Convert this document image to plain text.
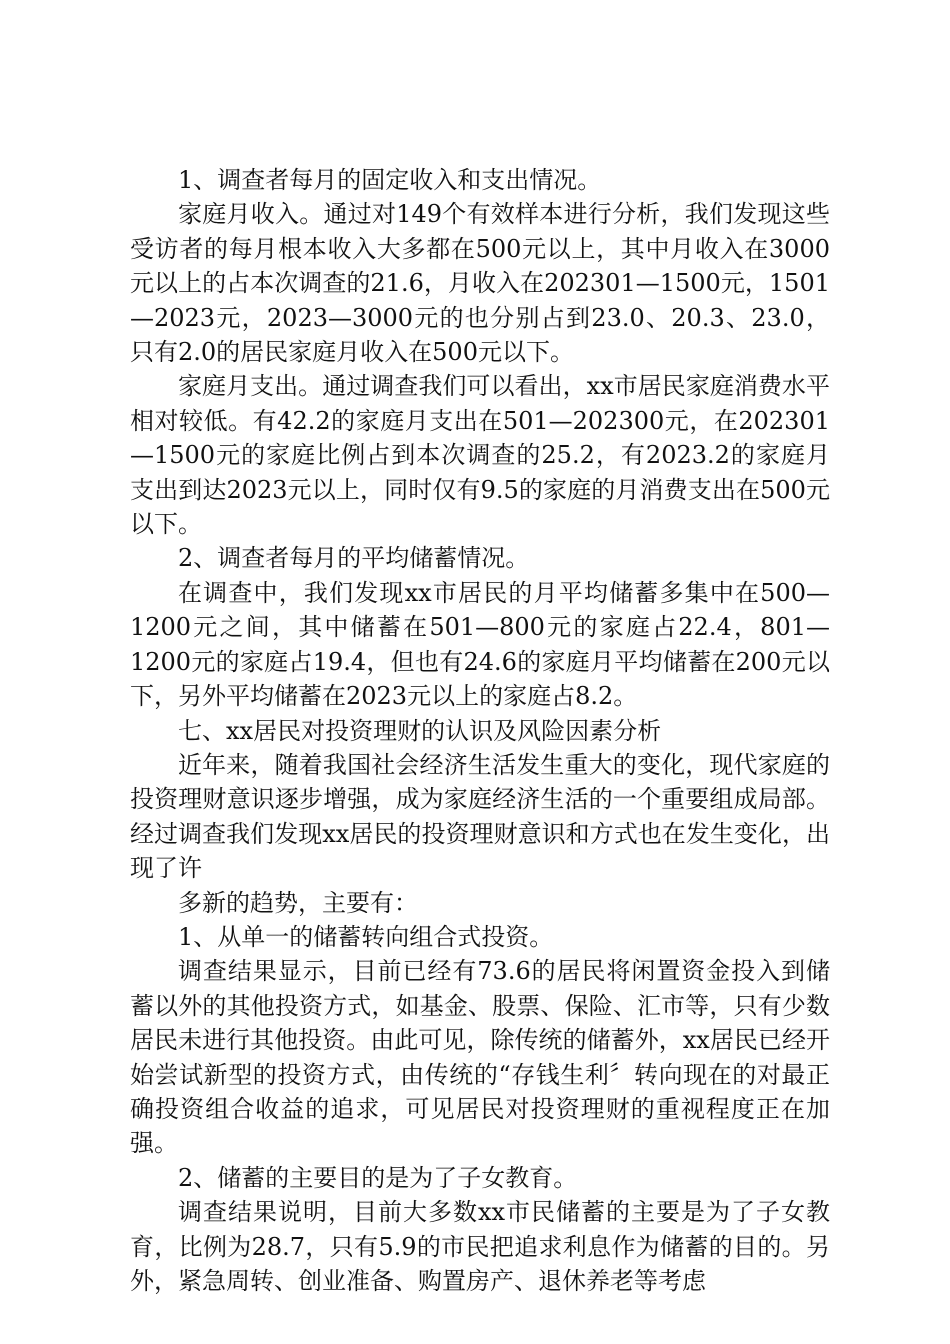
1、调查者每月的固定收入和支出情况。

家庭月收入。通过对149个有效样本进行分析，我们发现这些受访者的每月根本收入大多都在500元以上，其中月收入在3000元以上的占本次调查的21.6，月收入在202301—1500元，1501—2023元，2023—3000元的也分别占到23.0、20.3、23.0，只有2.0的居民家庭月收入在500元以下。

家庭月支出。通过调查我们可以看出，xx市居民家庭消费水平相对较低。有42.2的家庭月支出在501—202300元，在202301—1500元的家庭比例占到本次调查的25.2，有2023.2的家庭月支出到达2023元以上，同时仅有9.5的家庭的月消费支出在500元以下。

2、调查者每月的平均储蓄情况。

在调查中，我们发现xx市居民的月平均储蓄多集中在500—1200元之间，其中储蓄在501—800元的家庭占22.4，801—1200元的家庭占19.4，但也有24.6的家庭月平均储蓄在200元以下，另外平均储蓄在2023元以上的家庭占8.2。

七、xx居民对投资理财的认识及风险因素分析

近年来，随着我国社会经济生活发生重大的变化，现代家庭的投资理财意识逐步增强，成为家庭经济生活的一个重要组成局部。经过调查我们发现xx居民的投资理财意识和方式也在发生变化，出现了许

多新的趋势，主要有：

1、从单一的储蓄转向组合式投资。

调查结果显示，目前已经有73.6的居民将闲置资金投入到储蓄以外的其他投资方式，如基金、股票、保险、汇市等，只有少数居民未进行其他投资。由此可见，除传统的储蓄外，xx居民已经开始尝试新型的投资方式，由传统的“存钱生利〞转向现在的对最正确投资组合收益的追求，可见居民对投资理财的重视程度正在加强。

2、储蓄的主要目的是为了子女教育。

调查结果说明，目前大多数xx市民储蓄的主要是为了子女教育，比例为28.7，只有5.9的市民把追求利息作为储蓄的目的。另外，紧急周转、创业准备、购置房产、退休养老等考虑
